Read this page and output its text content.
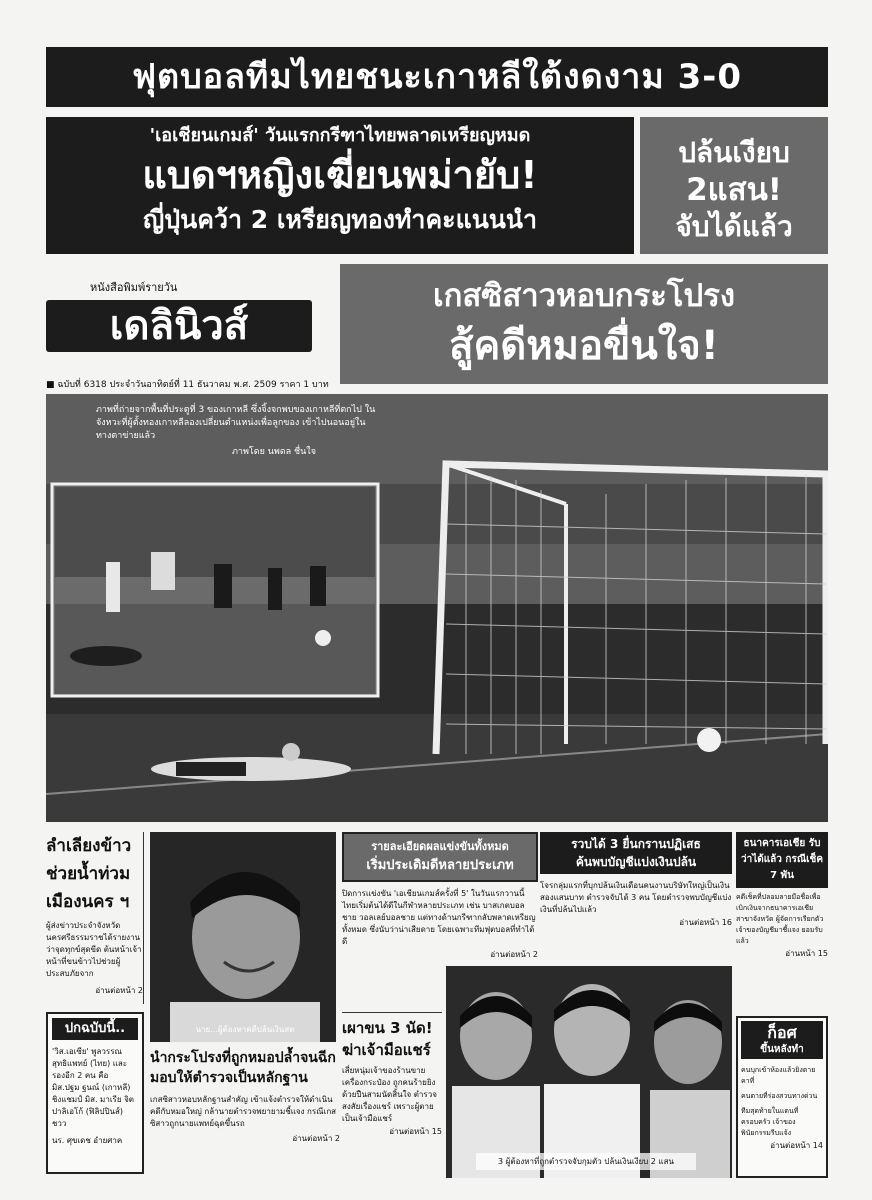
ฟุตบอลทีมไทยชนะเกาหลีใต้งดงาม 3-0
'เอเชียนเกมส์' วันแรกกรีฑาไทยพลาดเหรียญหมด
แบดฯหญิงเฆี่ยนพม่ายับ!
ญี่ปุ่นคว้า 2 เหรียญทองทำคะแนนนำ
ปล้นเงียบ
2แสน!
จับได้แล้ว
หนังสือพิมพ์รายวัน
เดลินิวส์
■ ฉบับที่ 6318 ประจำวันอาทิตย์ที่ 11 ธันวาคม พ.ศ. 2509 ราคา 1 บาท
เกสซิสาวหอบกระโปรง
สู้คดีหมอขื่นใจ!
ภาพที่ถ่ายจากพื้นที่ประตูที่ 3 ของเกาหลี ซึ่งจิ้งจกพบของเกาหลีที่ตกไป ในจังหวะที่ผู้ตั้งทองเกาหลีลองเปลี่ยนตำแหน่งเพื่อลูกของ เข้าไปนอนอยู่ในทางตาข่ายแล้ว
ภาพโดย นพดล ชื่นใจ
ลำเลียงข้าว ช่วยน้ำท่วม เมืองนคร ฯ
ผู้ส่งข่าวประจำจังหวัดนครศรีธรรมราชได้รายงานว่าจุดทุกข์สุดขีด ต้นหน้าเจ้าหน้าที่ขนข้าวไปช่วยผู้ประสบภัยจาก
อ่านต่อหน้า 2
ปกฉบับนี้..
'วิส.เอเซีย' พูลวรรณ สุทธิแพทย์ (ไทย) และรองอีก 2 คน คือ มิส.ปฐม ฐนณ์ (เกาหลี) ชิงแชมป์ มิส. มาเรีย จิต ปาลิเอโก้ (ฟิลิปปินส์) ชวว
นร. ศุขเดช อำยศาค
นาย...ผู้ต้องหาคดีปล้นเงินสด
นำกระโปรงที่ถูกหมอปล้ำจนฉีก มอบให้ตำรวจเป็นหลักฐาน
เกสซิสาวหอบหลักฐานสำคัญ เข้าแจ้งตำรวจให้ดำเนินคดีกับหมอใหญ่ กล้านายตำรวจพยายามชี้แจง กรณีเกสซิสาวถูกนายแพทย์ฉุดขึ้นรถ
อ่านต่อหน้า 2
รายละเอียดผลแข่งขันทั้งหมด
เริ่มประเดิมดีหลายประเภท
ปิดการแข่งขัน 'เอเชียนเกมส์ครั้งที่ 5' ในวันแรกวานนี้ ไทยเริ่มต้นได้ดีในกีฬาหลายประเภท เช่น บาสเกตบอลชาย วอลเลย์บอลชาย แต่ทางด้านกรีฑากลับพลาดเหรียญทั้งหมด ซึ่งนับว่าน่าเสียดาย โดยเฉพาะทีมฟุตบอลที่ทำได้ดี
อ่านต่อหน้า 2
เผาขน 3 นัด! ฆ่าเจ้ามือแชร์
เสี่ยหนุ่มเจ้าของร้านขายเครื่องกระป๋อง ถูกคนร้ายยิงด้วยปืนสามนัดสิ้นใจ ตำรวจสงสัยเรื่องแชร์ เพราะผู้ตายเป็นเจ้ามือแชร์
อ่านต่อหน้า 15
รวบได้ 3 ยื่นกรานปฏิเสธ
ค้นพบบัญชีแบ่งเงินปล้น
โจรกลุ่มแรกที่บุกปล้นเงินเดือนคนงานบริษัทใหญ่เป็นเงินสองแสนบาท ตำรวจจับได้ 3 คน โดยตำรวจพบบัญชีแบ่งเงินที่ปล้นไปแล้ว
อ่านต่อหน้า 16
3 ผู้ต้องหาที่ถูกตำรวจจับกุมตัว ปล้นเงินเงียบ 2 แสน
ธนาคารเอเชีย รับว่าได้แล้ว กรณีเช็ค 7 พัน
คดีเช็คที่ปลอมลายมือชื่อเพื่อเบิกเงินจากธนาคารเอเชีย สาขาจังหวัด ผู้จัดการเรียกตัวเจ้าของบัญชีมาชี้แจง ยอมรับแล้ว
อ่านหน้า 15
ก็อศ
ขึ้นหลังทำ
คนบุกเข้าห้องแล้วยิงตายคาที่
คนตายที่ร่องสวนทางด่วน
ทีมสุดท้ายในแดนที่ครอบครัว เจ้าของพินัยกรรมรีบแจ้ง
อ่านต่อหน้า 14
